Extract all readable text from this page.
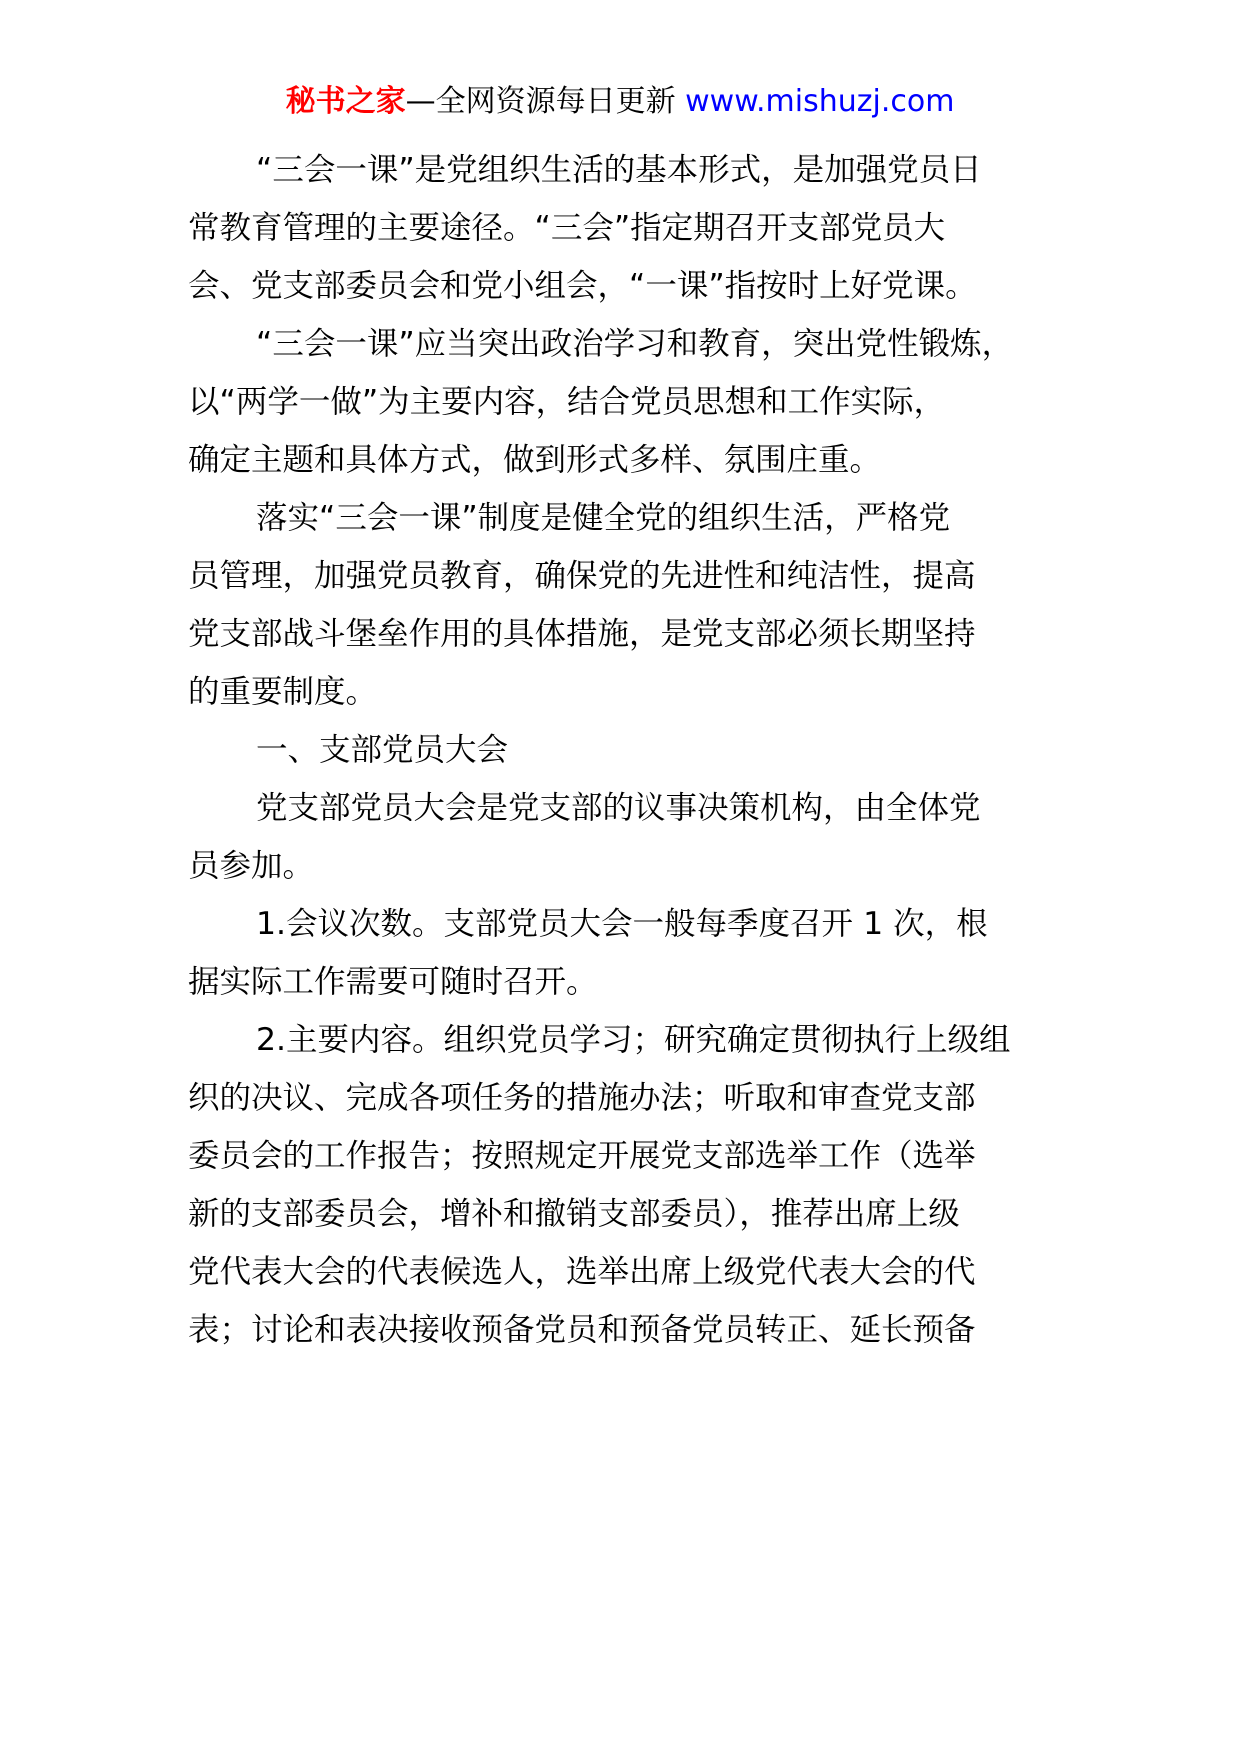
秘书之家—全网资源每日更新 www.mishuzj.com
“三会一课”是党组织生活的基本形式，是加强党员日
常教育管理的主要途径。“三会”指定期召开支部党员大
会、党支部委员会和党小组会，“一课”指按时上好党课。
“三会一课”应当突出政治学习和教育，突出党性锻炼，
以“两学一做”为主要内容，结合党员思想和工作实际，
确定主题和具体方式，做到形式多样、氛围庄重。
落实“三会一课”制度是健全党的组织生活，严格党
员管理，加强党员教育，确保党的先进性和纯洁性，提高
党支部战斗堡垒作用的具体措施，是党支部必须长期坚持
的重要制度。
一、支部党员大会
党支部党员大会是党支部的议事决策机构，由全体党
员参加。
1.会议次数。支部党员大会一般每季度召开 1 次，根
据实际工作需要可随时召开。
2.主要内容。组织党员学习；研究确定贯彻执行上级组
织的决议、完成各项任务的措施办法；听取和审查党支部
委员会的工作报告；按照规定开展党支部选举工作（选举
新的支部委员会，增补和撤销支部委员），推荐出席上级
党代表大会的代表候选人，选举出席上级党代表大会的代
表；讨论和表决接收预备党员和预备党员转正、延长预备
